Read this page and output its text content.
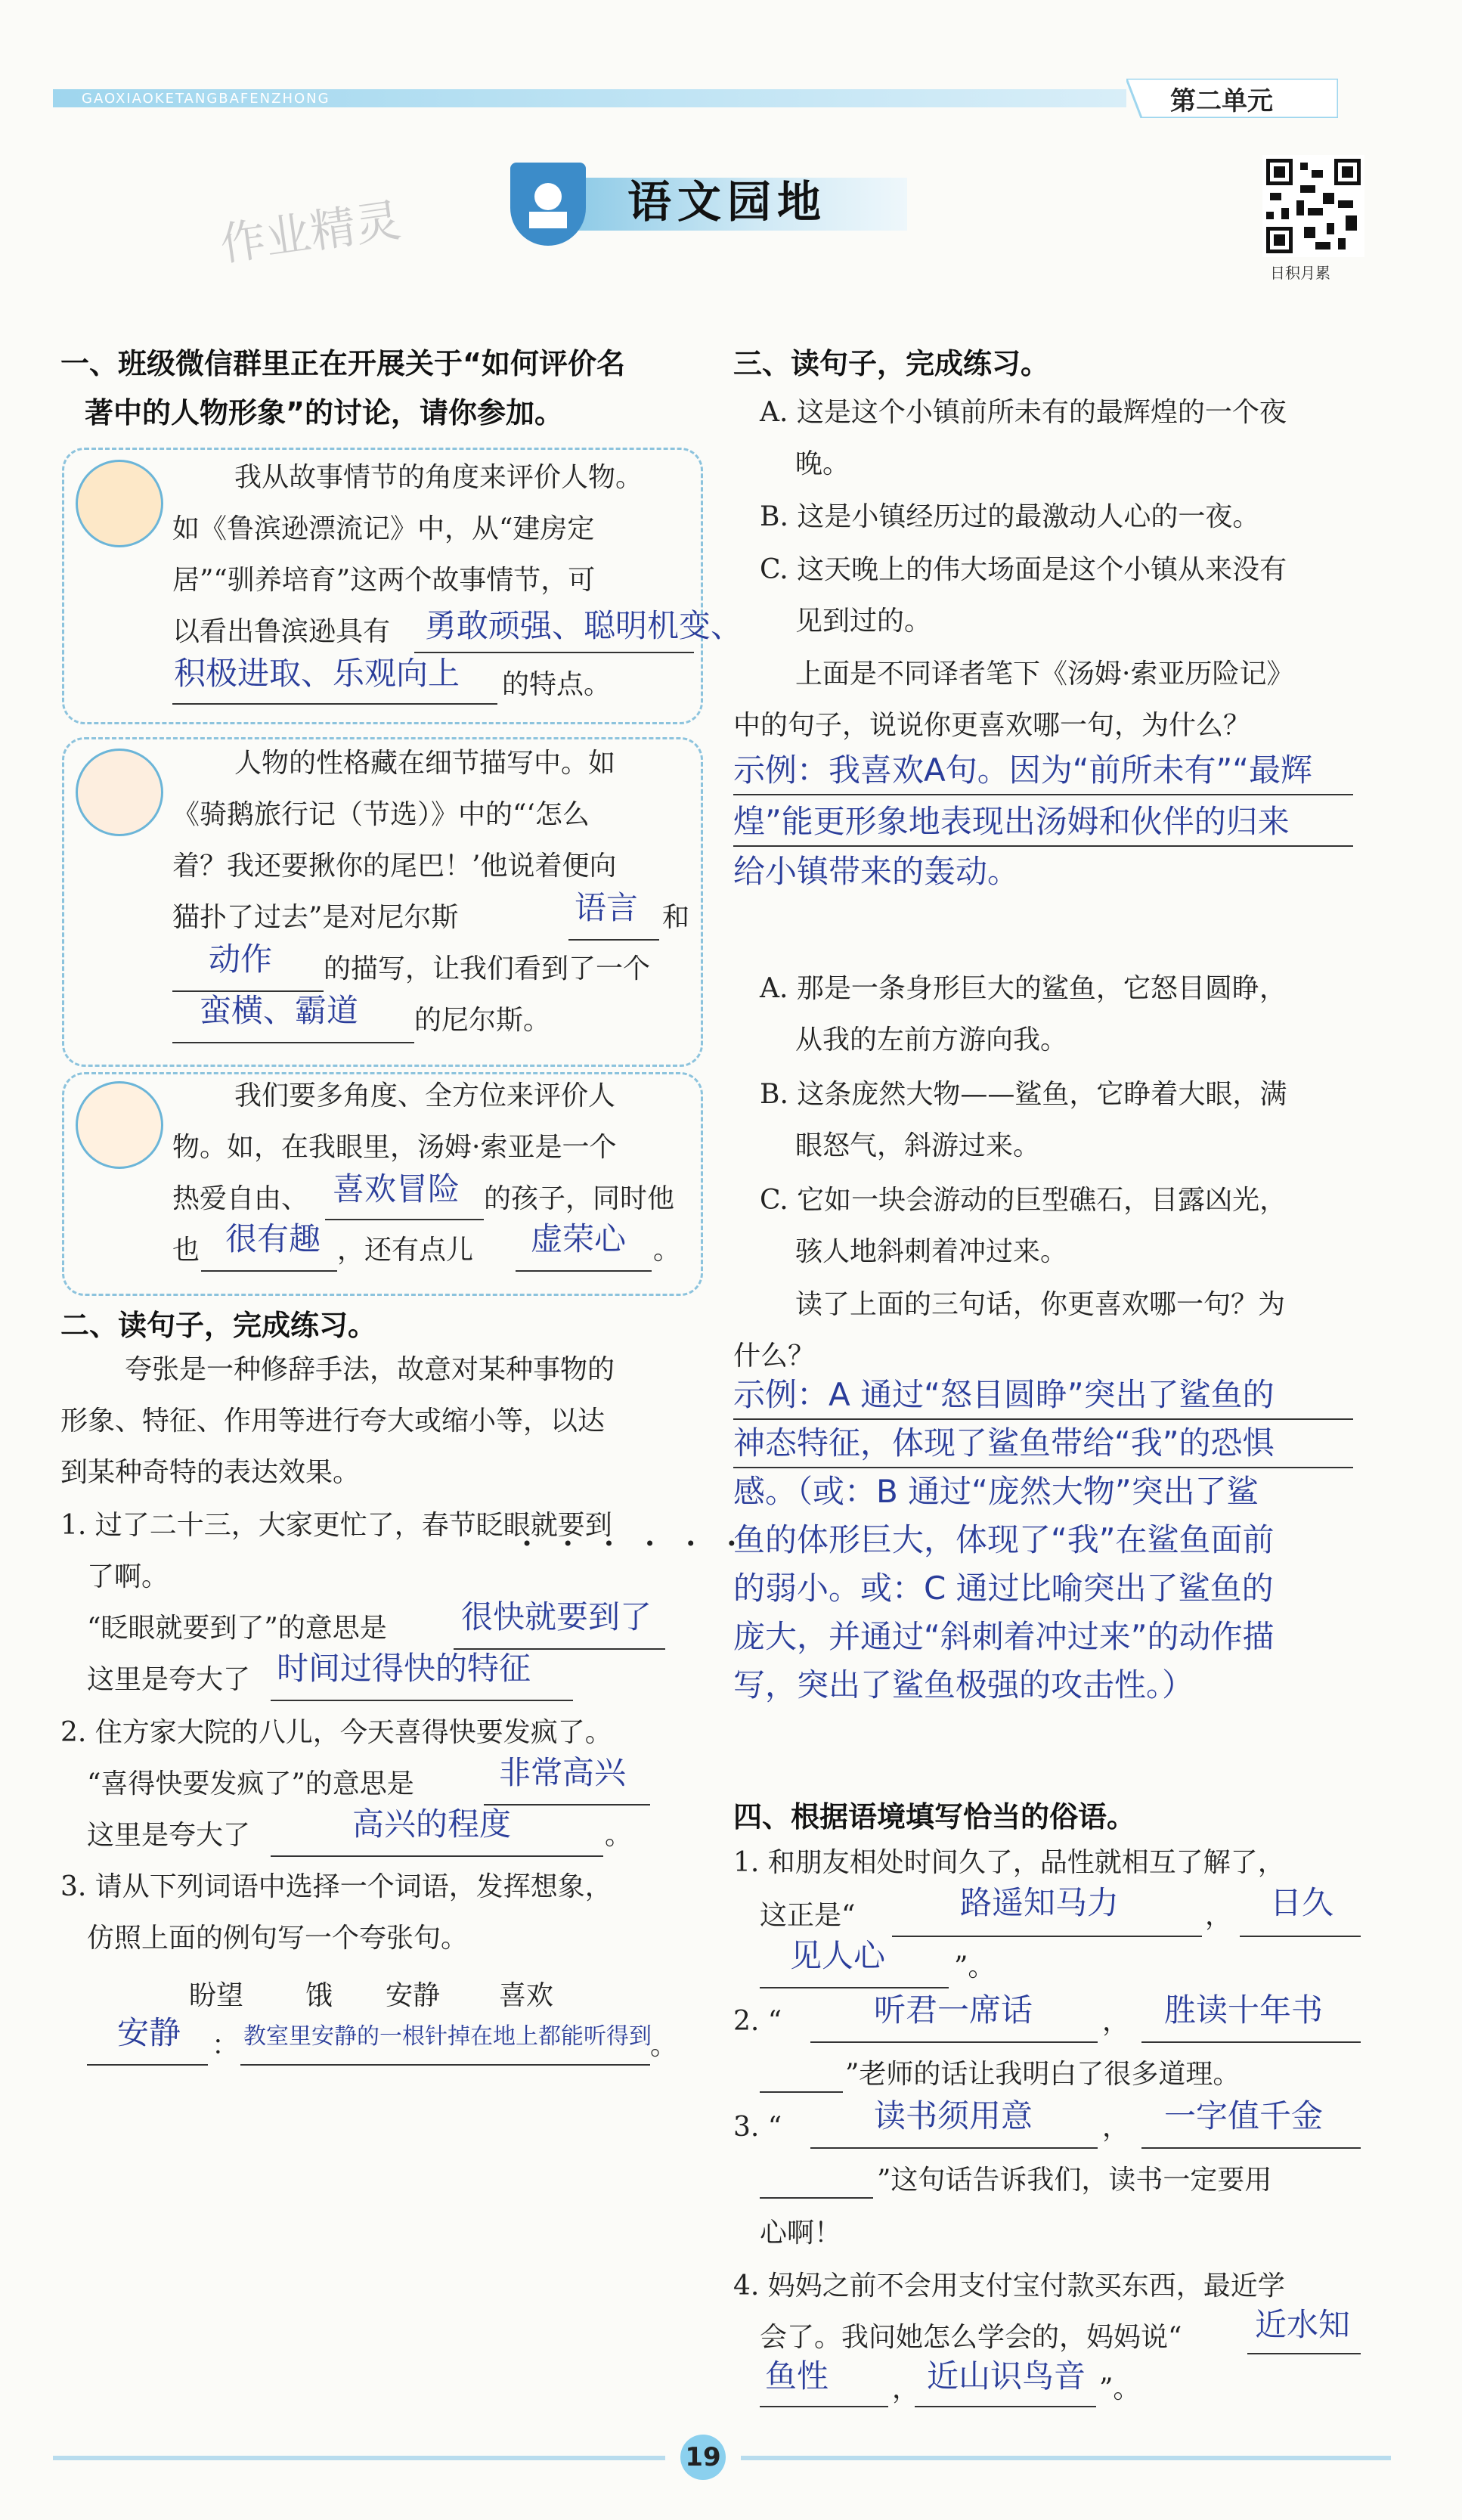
GAOXIAOKETANGBAFENZHONG	第二单元
作业精灵	语文园地
日积月累
一、班级微信群里正在开展关于“如何评价名
著中的人物形象”的讨论，请你参加。
我从故事情节的角度来评价人物。
如《鲁滨逊漂流记》中，从“建房定
居”“驯养培育”这两个故事情节，可
以看出鲁滨逊具有 勇敢顽强、聪明机变、
积极进取、乐观向上 的特点。
人物的性格藏在细节描写中。如
《骑鹅旅行记（节选）》中的“‘怎么
着？我还要揪你的尾巴！’他说着便向
猫扑了过去”是对尼尔斯	语言 和
动作 的描写，让我们看到了一个
蛮横、霸道 的尼尔斯。
我们要多角度、全方位来评价人
物。如，在我眼里，汤姆·索亚是一个
热爱自由、 喜欢冒险 的孩子，同时他
也 很有趣 ，还有点儿 虚荣心 。
二、读句子，完成练习。
夸张是一种修辞手法，故意对某种事物的
形象、特征、作用等进行夸大或缩小等，以达
到某种奇特的表达效果。
1. 过了二十三，大家更忙了，春节眨眼就要到
••••••
了啊。
“眨眼就要到了”的意思是 很快就要到了
这里是夸大了 时间过得快的特征
2. 住方家大院的八儿，今天喜得快要发疯了。
“喜得快要发疯了”的意思是	非常高兴
这里是夸大了	高兴的程度	。
3. 请从下列词语中选择一个词语，发挥想象，
仿照上面的例句写一个夸张句。
盼望 饿 安静 喜欢
安静 ： 教室里安静的一根针掉在地上都能听得到
。
三、读句子，完成练习。
A. 这是这个小镇前所未有的最辉煌的一个夜
晚。
B. 这是小镇经历过的最激动人心的一夜。
C. 这天晚上的伟大场面是这个小镇从来没有
见到过的。
上面是不同译者笔下《汤姆·索亚历险记》
中的句子，说说你更喜欢哪一句，为什么？
示例：我喜欢A句。因为“前所未有”“最辉
煌”能更形象地表现出汤姆和伙伴的归来
给小镇带来的轰动。
A. 那是一条身形巨大的鲨鱼，它怒目圆睁，
从我的左前方游向我。
B. 这条庞然大物——鲨鱼，它睁着大眼，满
眼怒气，斜游过来。
C. 它如一块会游动的巨型礁石，目露凶光，
骇人地斜刺着冲过来。
读了上面的三句话，你更喜欢哪一句？为
什么？
示例：A 通过“怒目圆睁”突出了鲨鱼的
神态特征，体现了鲨鱼带给“我”的恐惧
感。（或：B 通过“庞然大物”突出了鲨
鱼的体形巨大，体现了“我”在鲨鱼面前
的弱小。或：C 通过比喻突出了鲨鱼的
庞大，并通过“斜刺着冲过来”的动作描
写，突出了鲨鱼极强的攻击性。）
四、根据语境填写恰当的俗语。
1. 和朋友相处时间久了，品性就相互了解了，
这正是“	路遥知马力	， 日久
见人心	”。
2. “	听君一席话	， 胜读十年书
”老师的话让我明白了很多道理。
3. “	读书须用意	， 一字值千金
”这句话告诉我们，读书一定要用
心啊！
4. 妈妈之前不会用支付宝付款买东西，最近学
会了。我问她怎么学会的，妈妈说“ 近水知
鱼性 ， 近山识鸟音 ”。
19
